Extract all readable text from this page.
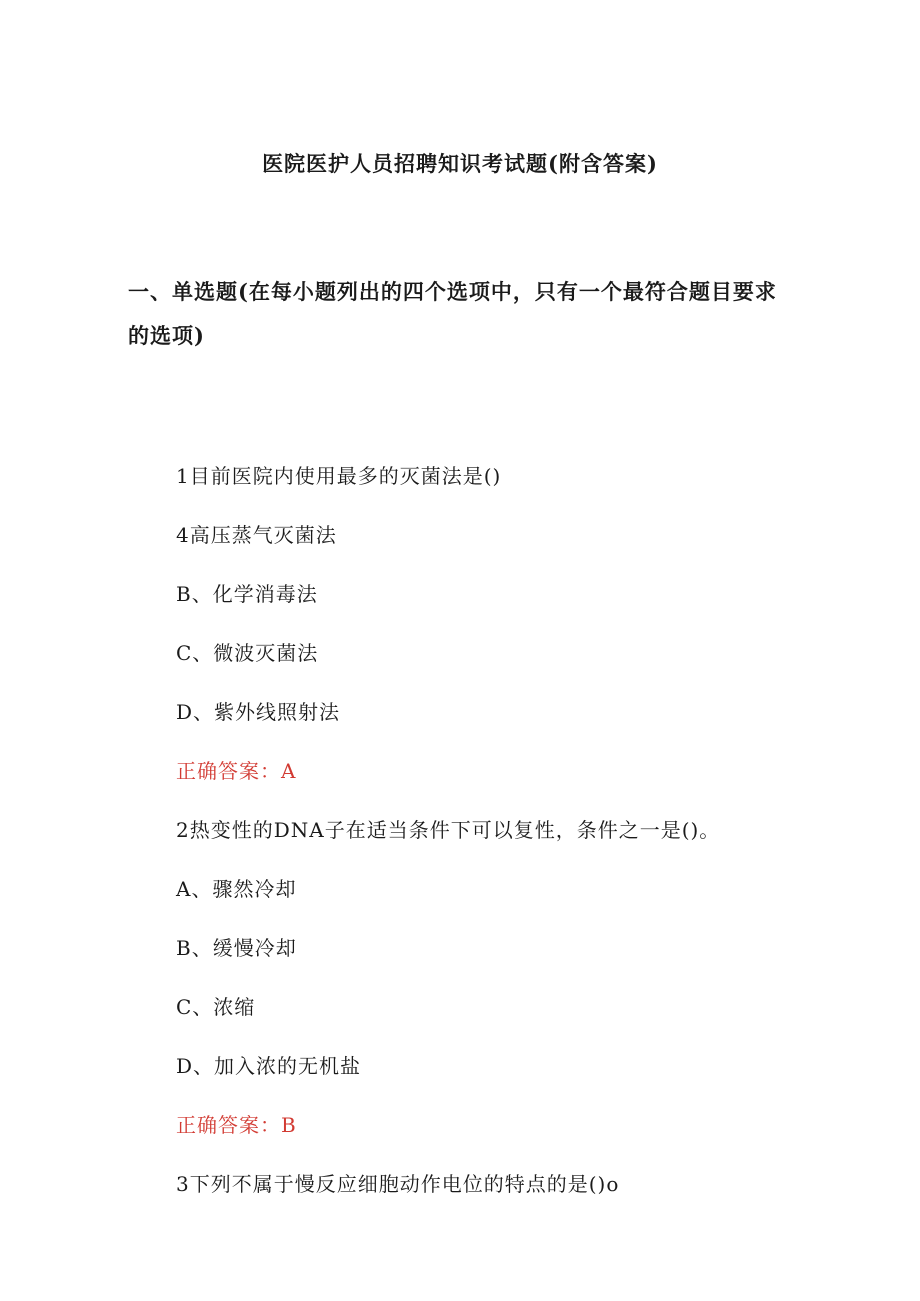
医院医护人员招聘知识考试题(附含答案)
一、单选题(在每小题列出的四个选项中，只有一个最符合题目要求的选项)
1目前医院内使用最多的灭菌法是()
4高压蒸气灭菌法
B、化学消毒法
C、微波灭菌法
D、紫外线照射法
正确答案：A
2热变性的DNA子在适当条件下可以复性，条件之一是()。
A、骤然冷却
B、缓慢冷却
C、浓缩
D、加入浓的无机盐
正确答案：B
3下列不属于慢反应细胞动作电位的特点的是()o
